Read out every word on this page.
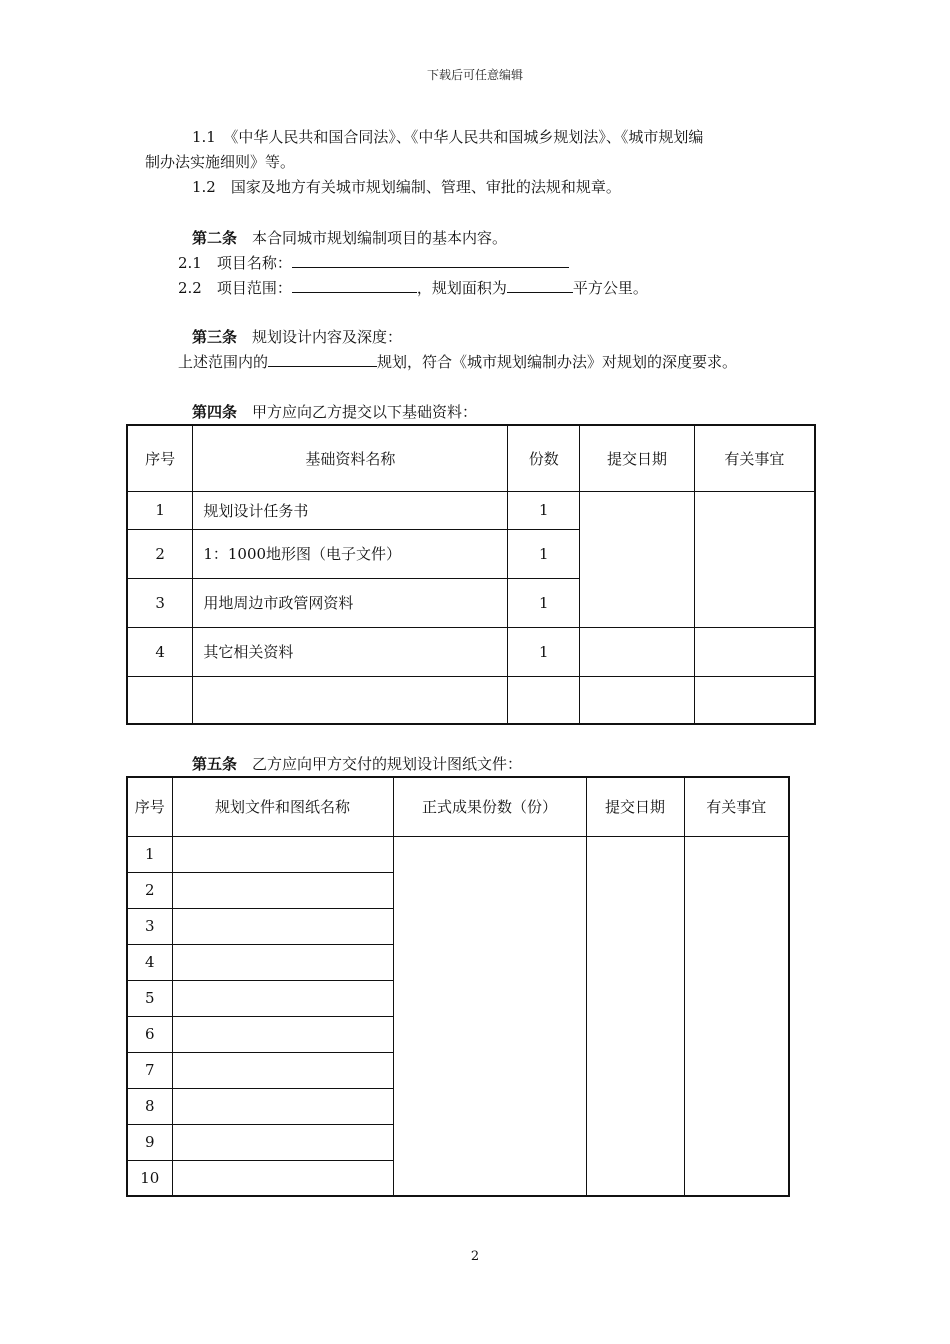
下载后可任意编辑
1.1　《中华人民共和国合同法》、《中华人民共和国城乡规划法》、《城市规划编
制办法实施细则》等。
1.2　国家及地方有关城市规划编制、管理、审批的法规和规章。
第二条　 本合同城市规划编制项目的基本内容。
2.1　项目名称：
2.2　项目范围：	，规划面积为	平方公里。
第三条　 规划设计内容及深度：
上述范围内的	规划，符合《城市规划编制办法》对规划的深度要求。
第四条　 甲方应向乙方提交以下基础资料：
序号	基础资料名称	份数	提交日期	有关事宜
1	规划设计任务书	1		
2	1：1000地形图（电子文件）	1		
3	用地周边市政管网资料	1		
4	其它相关资料	1		

第五条　 乙方应向甲方交付的规划设计图纸文件：
序号	规划文件和图纸名称	正式成果份数（份）	提交日期	有关事宜
1				
2				
3				
4				
5				
6				
7				
8				
9				
10				
2
